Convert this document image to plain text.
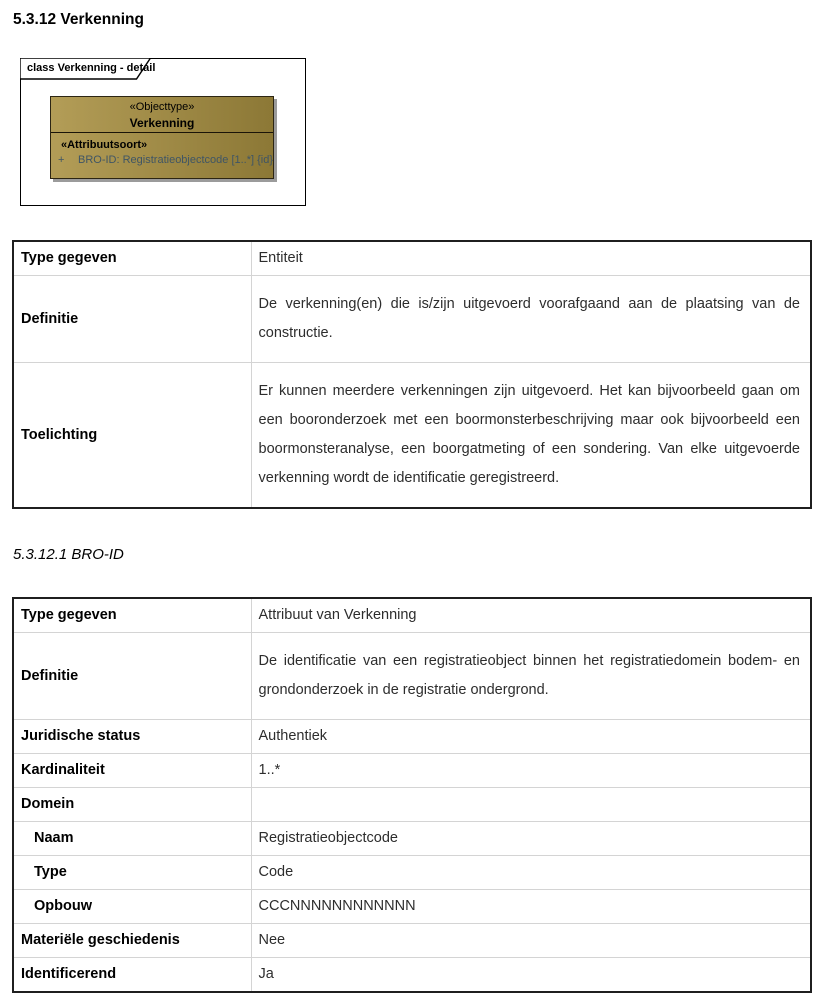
5.3.12 Verkenning
class Verkenning - detail
«Objecttype»
Verkenning
«Attribuutsoort»
+ BRO-ID: Registratieobjectcode [1..*] {id}
Type gegeven	Entiteit
Definitie	De verkenning(en) die is/zijn uitgevoerd voorafgaand aan de plaatsing van de constructie.
Toelichting	Er kunnen meerdere verkenningen zijn uitgevoerd. Het kan bijvoorbeeld gaan om een booronderzoek met een boormonsterbeschrijving maar ook bijvoorbeeld een boormonsteranalyse, een boorgatmeting of een sondering. Van elke uitgevoerde verkenning wordt de identificatie geregistreerd.
5.3.12.1 BRO-ID
Type gegeven	Attribuut van Verkenning
Definitie	De identificatie van een registratieobject binnen het registratiedomein bodem- en grondonderzoek in de registratie ondergrond.
Juridische status	Authentiek
Kardinaliteit	1..*
Domein	
Naam	Registratieobjectcode
Type	Code
Opbouw	CCCNNNNNNNNNNNN
Materiële geschiedenis	Nee
Identificerend	Ja
